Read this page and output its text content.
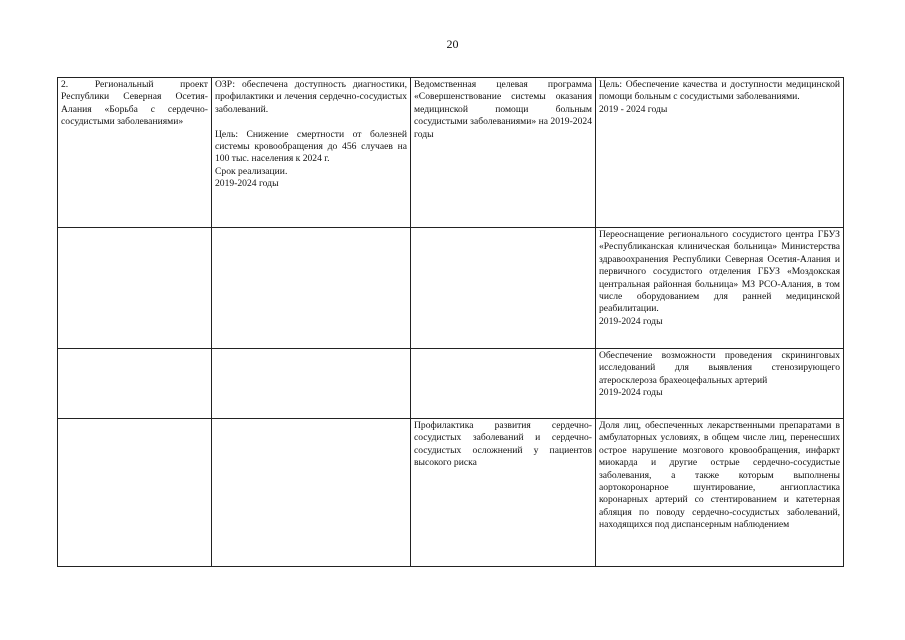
20
2. Региональный проект Республики Северная Осетия-Алания «Борьба с сердечно-сосудистыми заболеваниями»	ОЗР: обеспечена доступность диагностики, профилактики и лечения сердечно-сосудистых заболеваний.

Цель: Снижение смертности от болезней системы кровообращения до 456 случаев на 100 тыс. населения к 2024 г.
Срок реализации.
2019-2024 годы	Ведомственная целевая программа «Совершенствование системы оказания медицинской помощи больным сосудистыми заболеваниями» на 2019-2024 годы	Цель: Обеспечение качества и доступности медицинской помощи больным с сосудистыми заболеваниями.
2019 - 2024 годы

			Переоснащение регионального сосудистого центра ГБУЗ «Республиканская клиническая больница» Министерства здравоохранения Республики Северная Осетия-Алания и первичного сосудистого отделения ГБУЗ «Моздокская центральная районная больница» МЗ РСО-Алания, в том числе оборудованием для ранней медицинской реабилитации.
2019-2024 годы

			Обеспечение возможности проведения скрининговых исследований для выявления стенозирующего атеросклероза брахеоцефальных артерий
2019-2024 годы

		Профилактика развития сердечно-сосудистых заболеваний и сердечно-сосудистых осложнений у пациентов высокого риска	Доля лиц, обеспеченных лекарственными препаратами в амбулаторных условиях, в общем числе лиц, перенесших острое нарушение мозгового кровообращения, инфаркт миокарда и другие острые сердечно-сосудистые заболевания, а также которым выполнены аортокоронарное шунтирование, ангиопластика коронарных артерий со стентированием и катетерная абляция по поводу сердечно-сосудистых заболеваний, находящихся под диспансерным наблюдением
